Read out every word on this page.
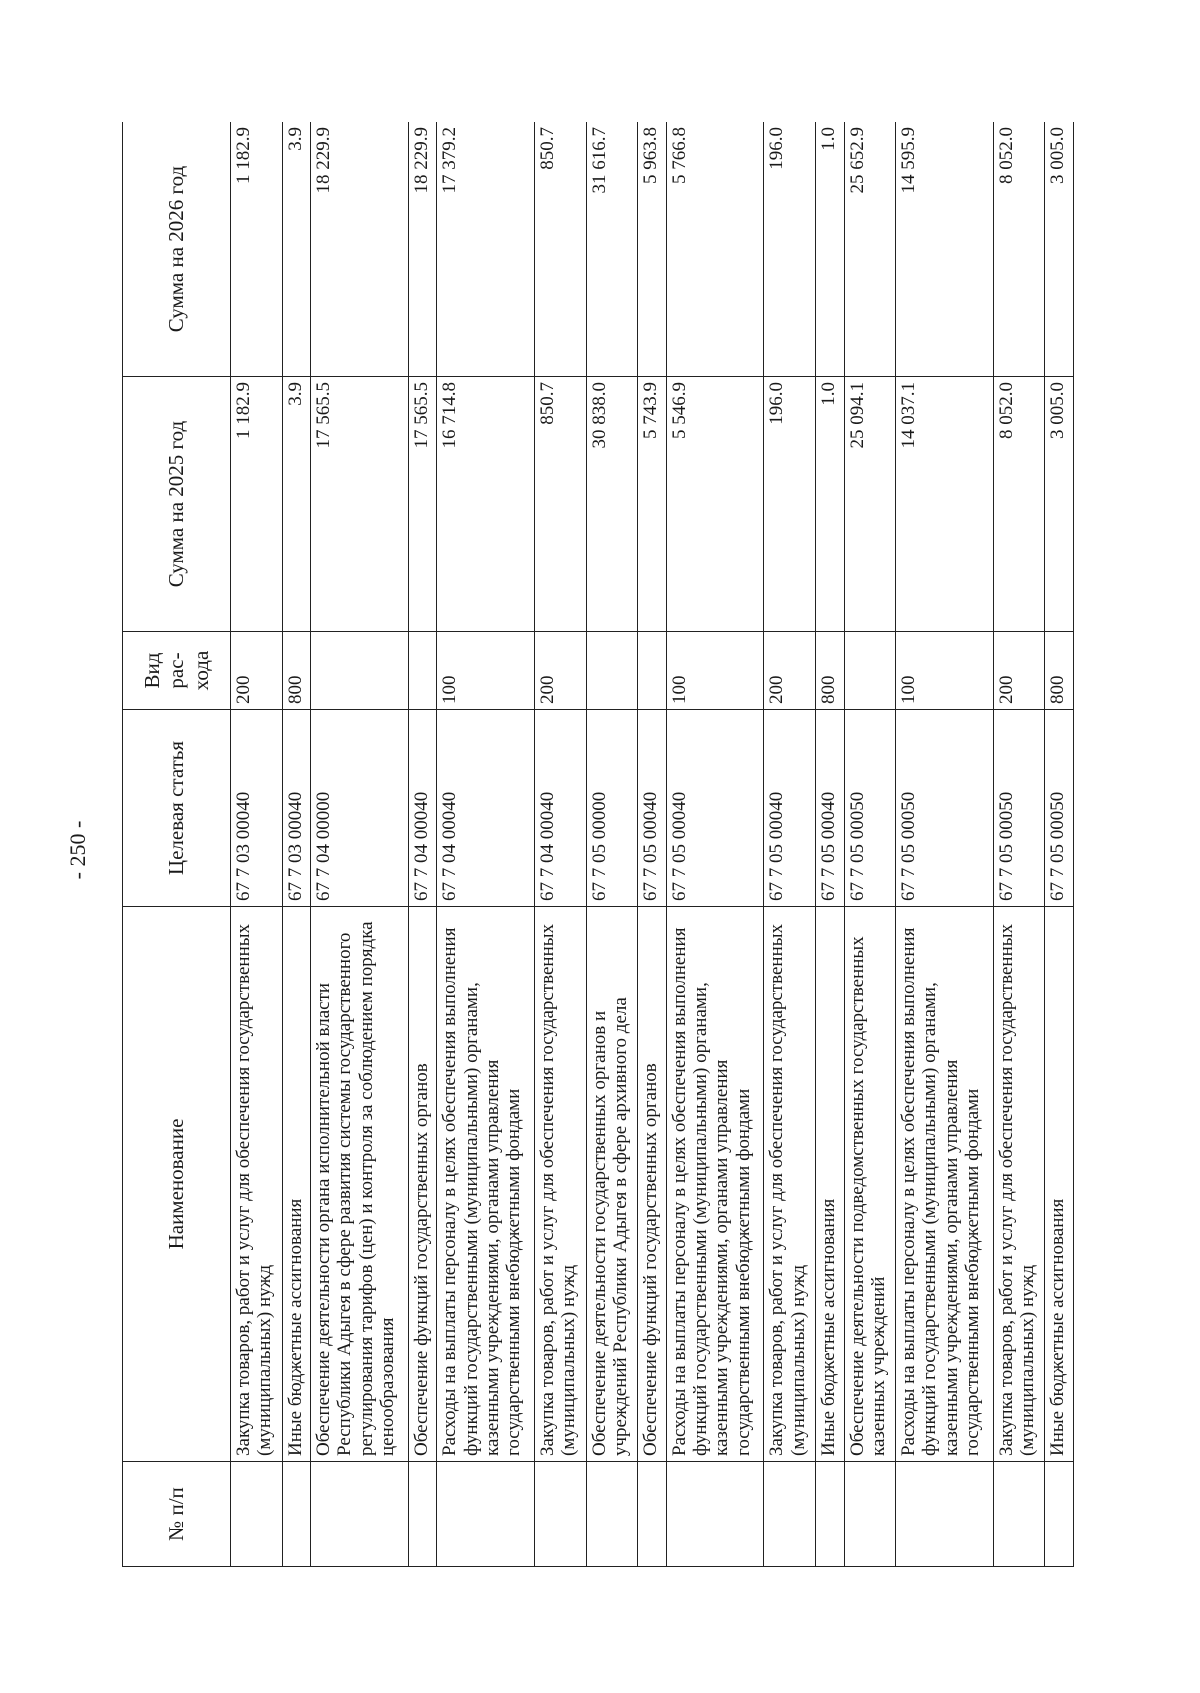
- 250 -
№ п/п	Наименование	Целевая статья	Вид рас- хода	Сумма на 2025 год	Сумма на 2026 год
	Закупка товаров, работ и услуг для обеспечения государственных (муниципальных) нужд	67 7 03 00040	200	1 182.9	1 182.9
	Иные бюджетные ассигнования	67 7 03 00040	800	3.9	3.9
	Обеспечение деятельности органа исполнительной власти Республики Адыгея в сфере развития системы государственного регулирования тарифов (цен) и контроля за соблюдением порядка ценообразования	67 7 04 00000		17 565.5	18 229.9
	Обеспечение функций государственных органов	67 7 04 00040		17 565.5	18 229.9
	Расходы на выплаты персоналу в целях обеспечения выполнения функций государственными (муниципальными) органами, казенными учреждениями, органами управления государственными внебюджетными фондами	67 7 04 00040	100	16 714.8	17 379.2
	Закупка товаров, работ и услуг для обеспечения государственных (муниципальных) нужд	67 7 04 00040	200	850.7	850.7
	Обеспечение деятельности государственных органов и учреждений Республики Адыгея в сфере архивного дела	67 7 05 00000		30 838.0	31 616.7
	Обеспечение функций государственных органов	67 7 05 00040		5 743.9	5 963.8
	Расходы на выплаты персоналу в целях обеспечения выполнения функций государственными (муниципальными) органами, казенными учреждениями, органами управления государственными внебюджетными фондами	67 7 05 00040	100	5 546.9	5 766.8
	Закупка товаров, работ и услуг для обеспечения государственных (муниципальных) нужд	67 7 05 00040	200	196.0	196.0
	Иные бюджетные ассигнования	67 7 05 00040	800	1.0	1.0
	Обеспечение деятельности подведомственных государственных казенных учреждений	67 7 05 00050		25 094.1	25 652.9
	Расходы на выплаты персоналу в целях обеспечения выполнения функций государственными (муниципальными) органами, казенными учреждениями, органами управления государственными внебюджетными фондами	67 7 05 00050	100	14 037.1	14 595.9
	Закупка товаров, работ и услуг для обеспечения государственных (муниципальных) нужд	67 7 05 00050	200	8 052.0	8 052.0
	Иные бюджетные ассигнования	67 7 05 00050	800	3 005.0	3 005.0
